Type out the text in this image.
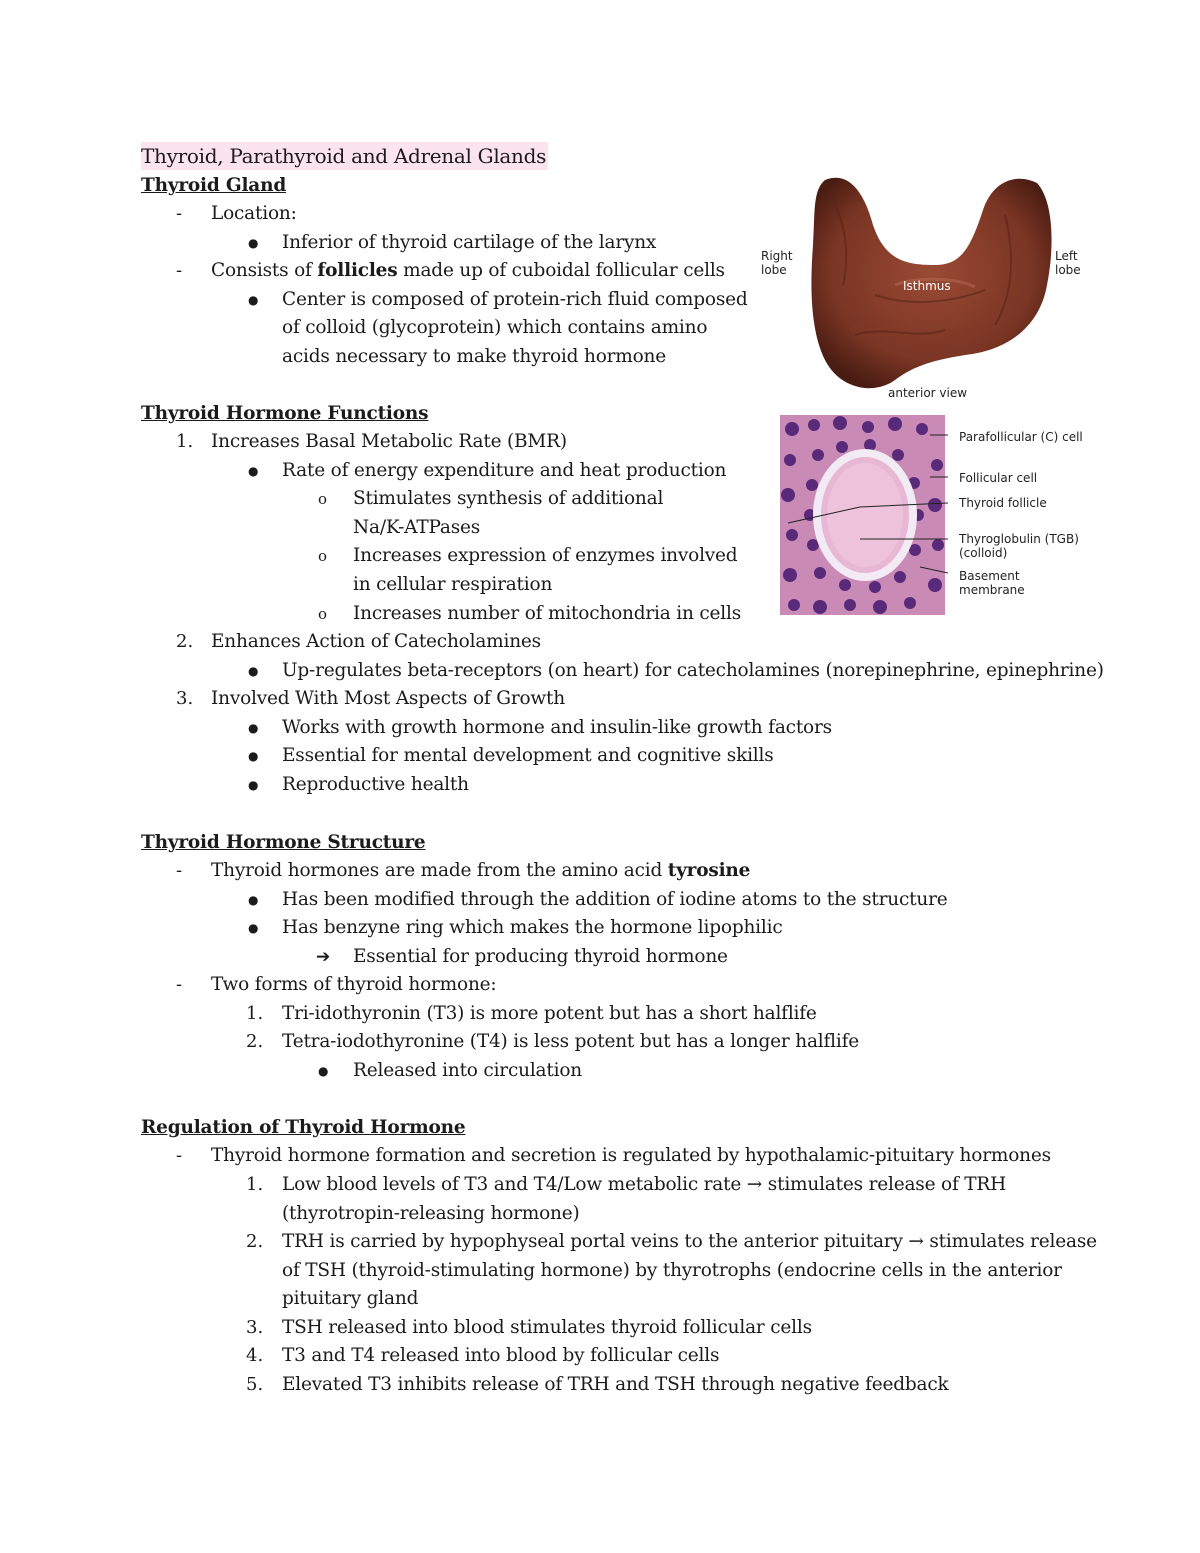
Thyroid, Parathyroid and Adrenal Glands
Thyroid Gland
- Location:
● Inferior of thyroid cartilage of the larynx
- Consists of follicles made up of cuboidal follicular cells
● Center is composed of protein-rich fluid composed
of colloid (glycoprotein) which contains amino
acids necessary to make thyroid hormone
Right
lobe
Left
lobe
Isthmus
anterior view
Parafollicular (C) cell
Follicular cell
Thyroid follicle
Thyroglobulin (TGB)
(colloid)
Basement
membrane
Thyroid Hormone Functions
1. Increases Basal Metabolic Rate (BMR)
● Rate of energy expenditure and heat production
o Stimulates synthesis of additional
Na/K-ATPases
o Increases expression of enzymes involved
in cellular respiration
o Increases number of mitochondria in cells
2. Enhances Action of Catecholamines
● Up-regulates beta-receptors (on heart) for catecholamines (norepinephrine, epinephrine)
3. Involved With Most Aspects of Growth
● Works with growth hormone and insulin-like growth factors
● Essential for mental development and cognitive skills
● Reproductive health
Thyroid Hormone Structure
- Thyroid hormones are made from the amino acid tyrosine
● Has been modified through the addition of iodine atoms to the structure
● Has benzyne ring which makes the hormone lipophilic
➔ Essential for producing thyroid hormone
- Two forms of thyroid hormone:
1. Tri-idothyronin (T3) is more potent but has a short halflife
2. Tetra-iodothyronine (T4) is less potent but has a longer halflife
● Released into circulation
Regulation of Thyroid Hormone
- Thyroid hormone formation and secretion is regulated by hypothalamic-pituitary hormones
1. Low blood levels of T3 and T4/Low metabolic rate → stimulates release of TRH
(thyrotropin-releasing hormone)
2. TRH is carried by hypophyseal portal veins to the anterior pituitary → stimulates release
of TSH (thyroid-stimulating hormone) by thyrotrophs (endocrine cells in the anterior
pituitary gland
3. TSH released into blood stimulates thyroid follicular cells
4. T3 and T4 released into blood by follicular cells
5. Elevated T3 inhibits release of TRH and TSH through negative feedback
